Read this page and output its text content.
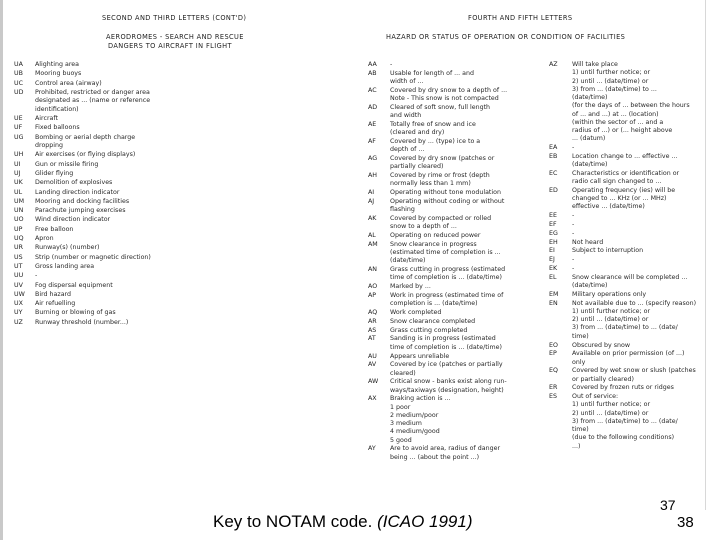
SECOND AND THIRD LETTERS (CONT'D)
AERODROMES - SEARCH AND RESCUE
DANGERS TO AIRCRAFT IN FLIGHT
UA Alighting area
UB Mooring buoys
UC Control area (airway)
UD Prohibited, restricted or danger area
designated as ... (name or reference
identification)
UE Aircraft
UF Fixed balloons
UG Bombing or aerial depth charge
dropping
UH Air exercises (or flying displays)
UI Gun or missile firing
UJ Glider flying
UK Demolition of explosives
UL Landing direction indicator
UM Mooring and docking facilities
UN Parachute jumping exercises
UO Wind direction indicator
UP Free balloon
UQ Apron
UR Runway(s) (number)
US Strip (number or magnetic direction)
UT Gross landing area
UU -
UV Fog dispersal equipment
UW Bird hazard
UX Air refuelling
UY Burning or blowing of gas
UZ Runway threshold (number...)
FOURTH AND FIFTH LETTERS
HAZARD OR STATUS OF OPERATION OR CONDITION OF FACILITIES
AA -
AB Usable for length of ... and
width of ...
AC Covered by dry snow to a depth of ...
Note - This snow is not compacted
AD Cleared of soft snow, full length
and width
AE Totally free of snow and ice
(cleared and dry)
AF Covered by ... (type) ice to a
depth of ...
AG Covered by dry snow (patches or
partially cleared)
AH Covered by rime or frost (depth
normally less than 1 mm)
AI	Operating without tone modulation
AJ	Operating without coding or without
flashing
AK Covered by compacted or rolled
snow to a depth of ...
AL Operating on reduced power
AM Snow clearance in progress
(estimated time of completion is ...
(date/time)
AN Grass cutting in progress (estimated
time of completion is ... (date/time)
AO Marked by ...
AP Work in progress (estimated time of
completion is ... (date/time)
AQ Work completed
AR Snow clearance completed
AS Grass cutting completed
AT Sanding is in progress (estimated
time of completion is ... (date/time)
AU Appears unreliable
AV Covered by ice (patches or partially
cleared)
AW Critical snow - banks exist along run-
ways/taxiways (designation, height)
AX Braking action is ...
1 poor
2 medium/poor
3 medium
4 medium/good
5 good
AY Are to avoid area, radius of danger
being ... (about the point ...)
AZ Will take place
1) until further notice; or
2) until ... (date/time) or
3) from ... (date/time) to ...
(date/time)
(for the days of ... between the hours
of ... and ...) at ... (location)
(within the sector of ... and a
radius of ...) or (... height above
... (datum)
EA -
EB Location change to ... effective ...
(date/time)
EC Characteristics or identification or
radio call sign changed to ...
ED Operating frequency (ies) will be
changed to ... KHz (or ... MHz)
effective ... (date/time)
EE -
EF -
EG -
EH Not heard
EI	Subject to interruption
EJ	-
EK -
EL Snow clearance will be completed ...
(date/time)
EM Military operations only
EN Not available due to ... (specify reason)
1) until further notice; or
2) until ... (date/time) or
3) from ... (date/time) to ... (date/
time)
EO Obscured by snow
EP Available on prior permission (of ...)
only
EQ Covered by wet snow or slush (patches
or partially cleared)
ER Covered by frozen ruts or ridges
ES Out of service:
1) until further notice; or
2) until ... (date/time) or
3) from ... (date/time) to ... (date/
time)
(due to the following conditions)
...)
Key to NOTAM code. (ICAO 1991)
37
38
